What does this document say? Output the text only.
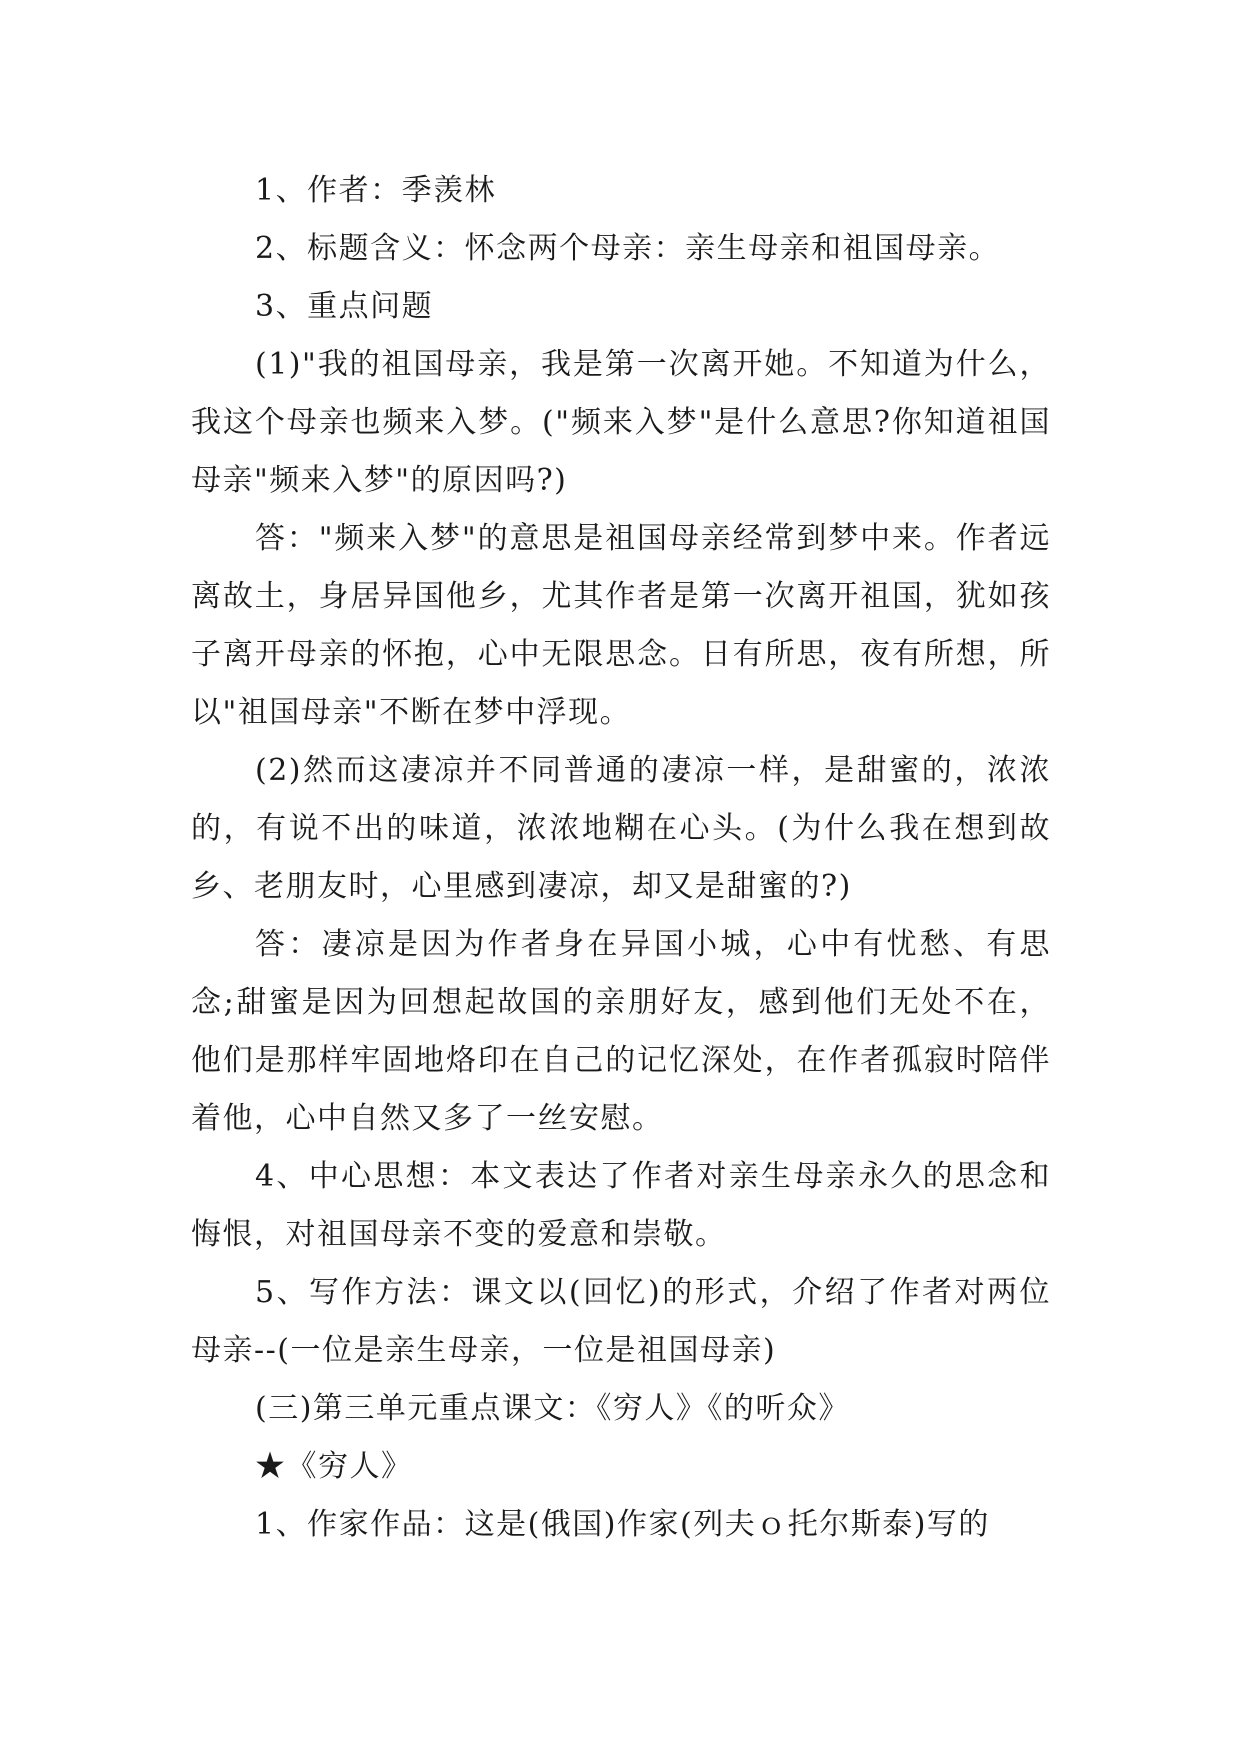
1、作者：季羡林

2、标题含义：怀念两个母亲：亲生母亲和祖国母亲。

3、重点问题

(1)"我的祖国母亲，我是第一次离开她。不知道为什么，我这个母亲也频来入梦。("频来入梦"是什么意思?你知道祖国母亲"频来入梦"的原因吗?)

答："频来入梦"的意思是祖国母亲经常到梦中来。作者远离故土，身居异国他乡，尤其作者是第一次离开祖国，犹如孩子离开母亲的怀抱，心中无限思念。日有所思，夜有所想，所以"祖国母亲"不断在梦中浮现。

(2)然而这凄凉并不同普通的凄凉一样，是甜蜜的，浓浓的，有说不出的味道，浓浓地糊在心头。(为什么我在想到故乡、老朋友时，心里感到凄凉，却又是甜蜜的?)

答：凄凉是因为作者身在异国小城，心中有忧愁、有思念;甜蜜是因为回想起故国的亲朋好友，感到他们无处不在，他们是那样牢固地烙印在自己的记忆深处，在作者孤寂时陪伴着他，心中自然又多了一丝安慰。

4、中心思想：本文表达了作者对亲生母亲永久的思念和悔恨，对祖国母亲不变的爱意和崇敬。

5、写作方法：课文以(回忆)的形式，介绍了作者对两位母亲--(一位是亲生母亲，一位是祖国母亲)

(三)第三单元重点课文：《穷人》《的听众》

★《穷人》

1、作家作品：这是(俄国)作家(列夫ｏ托尔斯泰)写的
